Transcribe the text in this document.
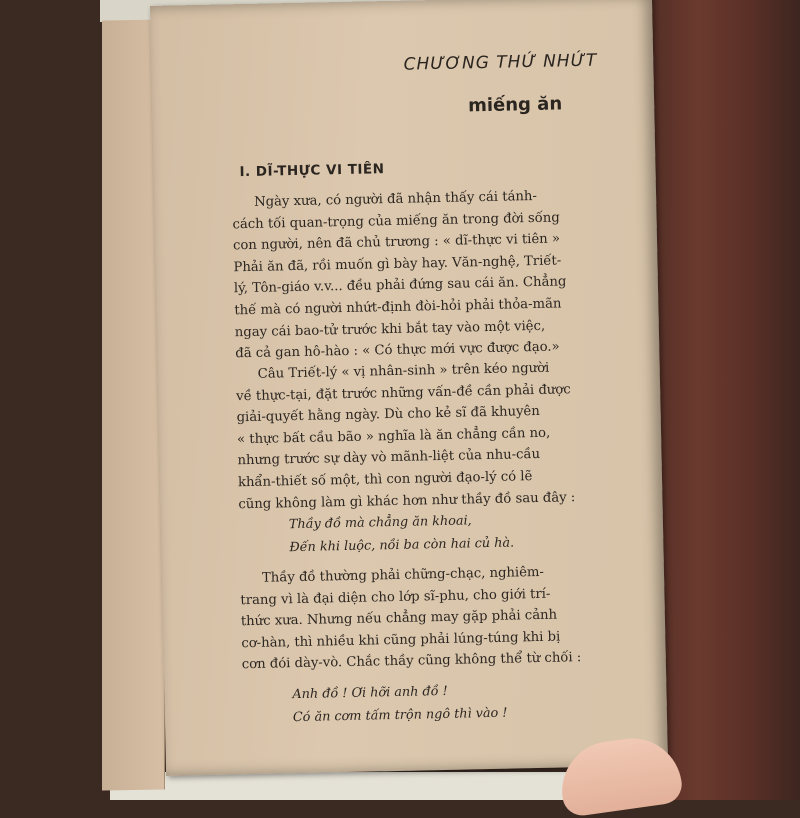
CHƯƠNG THỨ NHỨT
miếng ăn
I. DĨ-THỰC VI TIÊN
Ngày xưa, có người đã nhận thấy cái tánh-
cách tối quan-trọng của miếng ăn trong đời sống
con người, nên đã chủ trương : « dĩ-thực vi tiên »
Phải ăn đã, rồi muốn gì bày hay. Văn-nghệ, Triết-
lý, Tôn-giáo v.v... đều phải đứng sau cái ăn. Chẳng
thế mà có người nhứt-định đòi-hỏi phải thỏa-mãn
ngay cái bao-tử trước khi bắt tay vào một việc,
đã cả gan hô-hào : « Có thực mới vực được đạo.»
Câu Triết-lý « vị nhân-sinh » trên kéo người
về thực-tại, đặt trước những vấn-đề cần phải được
giải-quyết hằng ngày. Dù cho kẻ sĩ đã khuyên
« thực bất cầu bão » nghĩa là ăn chẳng cần no,
nhưng trước sự dày vò mãnh-liệt của nhu-cầu
khẩn-thiết số một, thì con người đạo-lý có lẽ
cũng không làm gì khác hơn như thầy đồ sau đây :
Thầy đồ mà chẳng ăn khoai,
Đến khi luộc, nồi ba còn hai củ hà.
Thầy đồ thường phải chững-chạc, nghiêm-
trang vì là đại diện cho lớp sĩ-phu, cho giới trí-
thức xưa. Nhưng nếu chẳng may gặp phải cảnh
cơ-hàn, thì nhiều khi cũng phải lúng-túng khi bị
cơn đói dày-vò. Chắc thầy cũng không thể từ chối :
Anh đồ ! Ơi hỡi anh đồ !
Có ăn cơm tấm trộn ngô thì vào !
